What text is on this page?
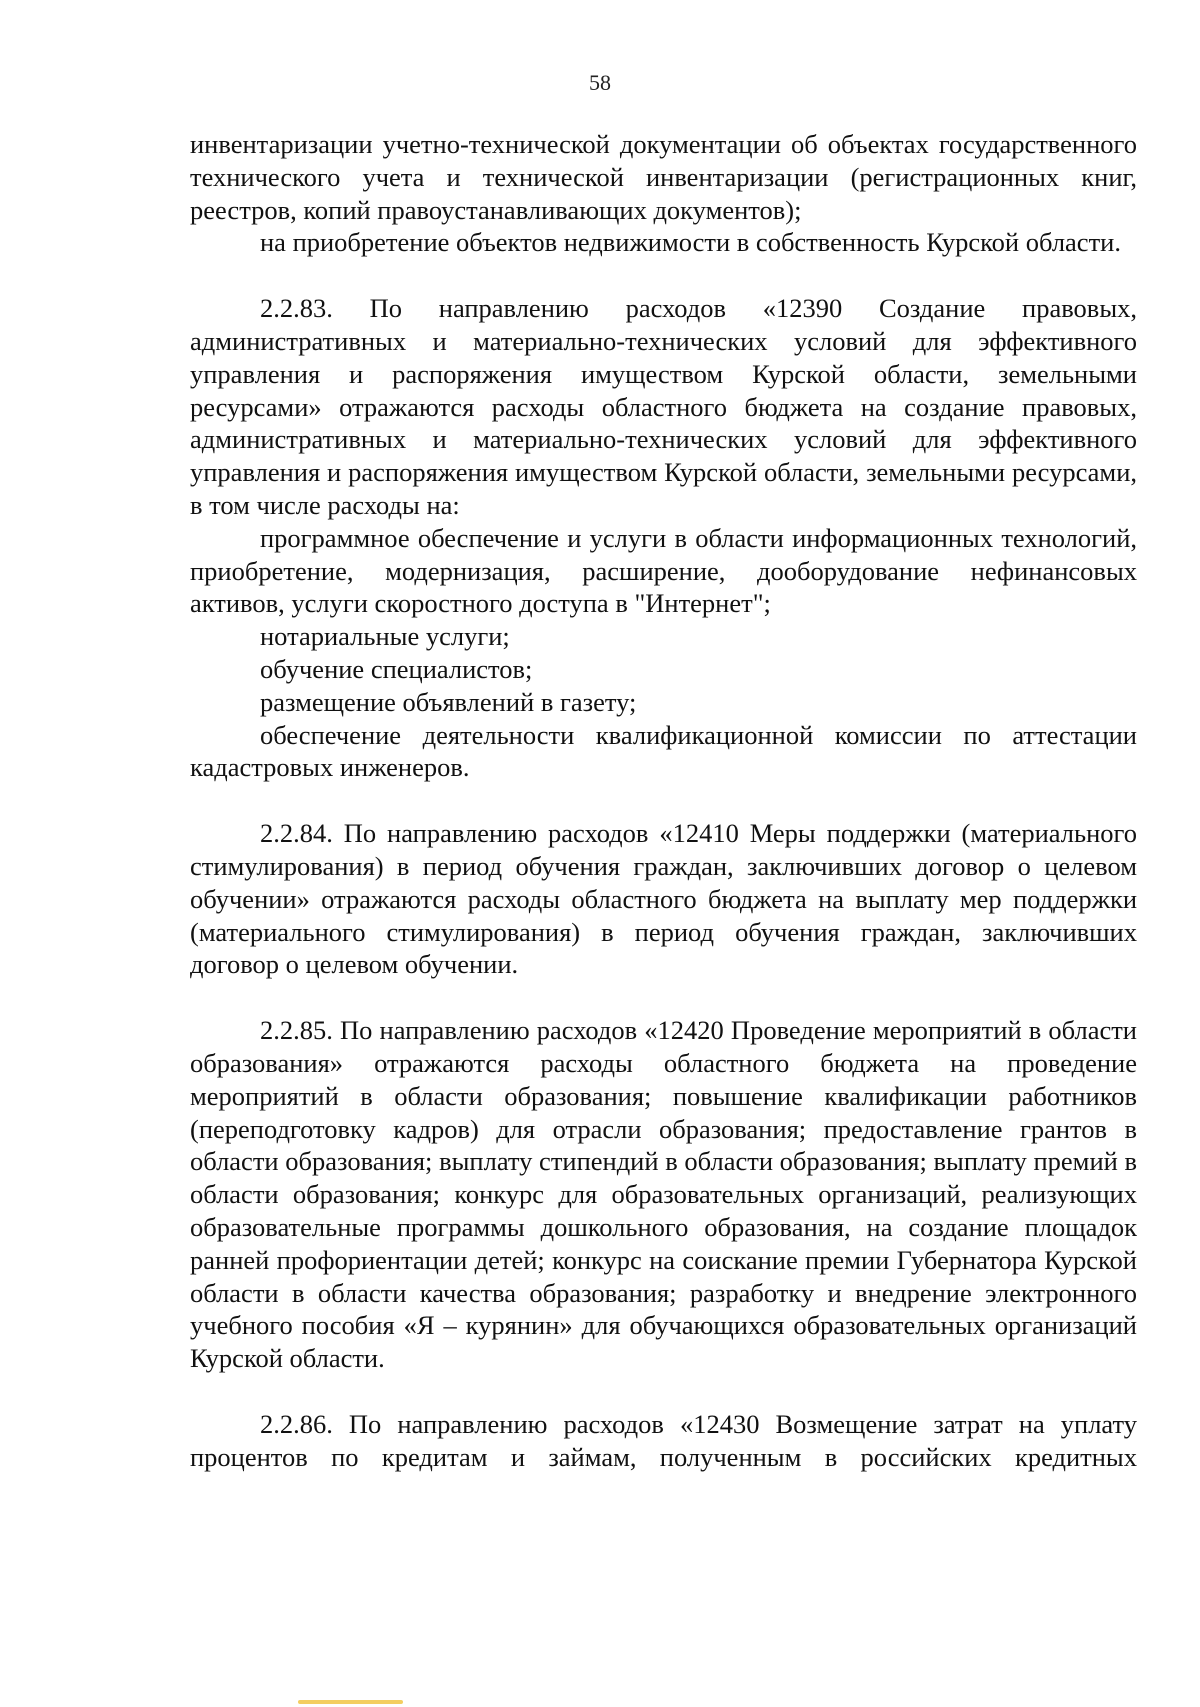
58

инвентаризации учетно-технической документации об объектах государственного технического учета и технической инвентаризации (регистрационных книг, реестров, копий правоустанавливающих документов);

на приобретение объектов недвижимости в собственность Курской области.

2.2.83. По направлению расходов «12390 Создание правовых, административных и материально-технических условий для эффективного управления и распоряжения имуществом Курской области, земельными ресурсами» отражаются расходы областного бюджета на создание правовых, административных и материально-технических условий для эффективного управления и распоряжения имуществом Курской области, земельными ресурсами, в том числе расходы на:

программное обеспечение и услуги в области информационных технологий, приобретение, модернизация, расширение, дооборудование нефинансовых активов, услуги скоростного доступа в "Интернет";

нотариальные услуги;

обучение специалистов;

размещение объявлений в газету;

обеспечение деятельности квалификационной комиссии по аттестации кадастровых инженеров.

2.2.84. По направлению расходов «12410 Меры поддержки (материального стимулирования) в период обучения граждан, заключивших договор о целевом обучении» отражаются расходы областного бюджета на выплату мер поддержки (материального стимулирования) в период обучения граждан, заключивших договор о целевом обучении.

2.2.85. По направлению расходов «12420 Проведение мероприятий в области образования» отражаются расходы областного бюджета на проведение мероприятий в области образования; повышение квалификации работников (переподготовку кадров) для отрасли образования; предоставление грантов в области образования; выплату стипендий в области образования; выплату премий в области образования; конкурс для образовательных организаций, реализующих образовательные программы дошкольного образования, на создание площадок ранней профориентации детей; конкурс на соискание премии Губернатора Курской области в области качества образования; разработку и внедрение электронного учебного пособия «Я – курянин» для обучающихся образовательных организаций Курской области.

2.2.86. По направлению расходов «12430 Возмещение затрат на уплату процентов по кредитам и займам, полученным в российских кредитных
